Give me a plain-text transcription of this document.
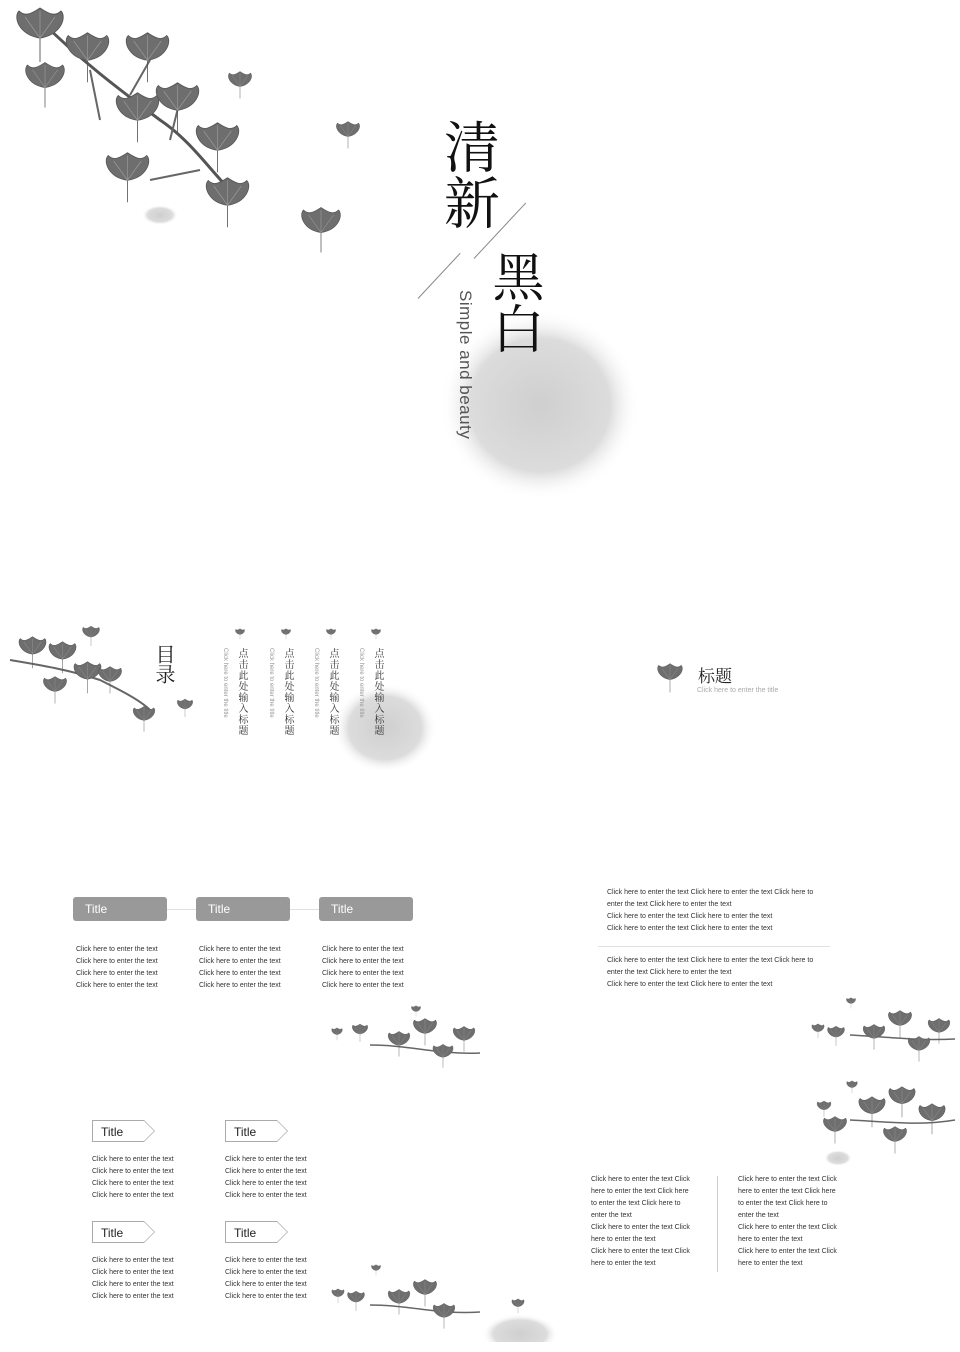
清新
黑白
Simple and beauty
目录	点击此处输入标题
Click here to enter the title	点击此处输入标题
Click here to enter the title	点击此处输入标题
Click here to enter the title	点击此处输入标题
Click here to enter the title	标题
Click here to enter the title
Title	Title	Title
Click here to enter the text
Click here to enter the text
Click here to enter the text
Click here to enter the text
Click here to enter the text
Click here to enter the text
Click here to enter the text
Click here to enter the text
Click here to enter the text
Click here to enter the text
Click here to enter the text
Click here to enter the text
Click here to enter the text Click here to enter the text Click here to
enter the text Click here to enter the text
Click here to enter the text Click here to enter the text
Click here to enter the text Click here to enter the text
Click here to enter the text Click here to enter the text Click here to
enter the text Click here to enter the text
Click here to enter the text Click here to enter the text
Title	Title
Title	Title
Click here to enter the text
Click here to enter the text
Click here to enter the text
Click here to enter the text
Click here to enter the text
Click here to enter the text
Click here to enter the text
Click here to enter the text
Click here to enter the text
Click here to enter the text
Click here to enter the text
Click here to enter the text
Click here to enter the text
Click here to enter the text
Click here to enter the text
Click here to enter the text
Click here to enter the text Click
here to enter the text Click here
to enter the text Click here to
enter the text
Click here to enter the text Click
here to enter the text
Click here to enter the text Click
here to enter the text
Click here to enter the text Click
here to enter the text Click here
to enter the text Click here to
enter the text
Click here to enter the text Click
here to enter the text
Click here to enter the text Click
here to enter the text
